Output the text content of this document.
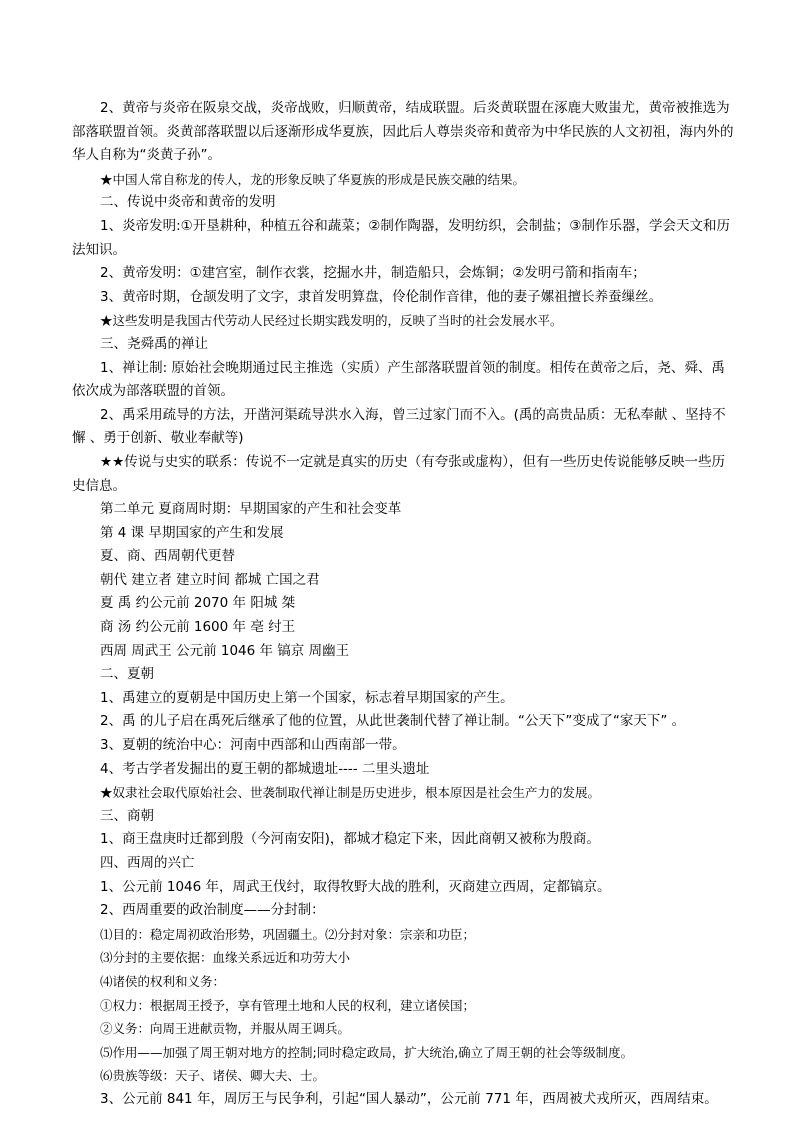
2、黄帝与炎帝在阪泉交战，炎帝战败，归顺黄帝，结成联盟。后炎黄联盟在涿鹿大败蚩尤，黄帝被推选为部落联盟首领。炎黄部落联盟以后逐渐形成华夏族，因此后人尊崇炎帝和黄帝为中华民族的人文初祖，海内外的华人自称为“炎黄子孙”。

★中国人常自称龙的传人，龙的形象反映了华夏族的形成是民族交融的结果。

二、传说中炎帝和黄帝的发明

1、炎帝发明:①开垦耕种，种植五谷和蔬菜；②制作陶器，发明纺织，会制盐；③制作乐器，学会天文和历法知识。

2、黄帝发明：①建宫室，制作衣裳，挖掘水井，制造船只，会炼铜；②发明弓箭和指南车；

3、黄帝时期，仓颉发明了文字，隶首发明算盘，伶伦制作音律，他的妻子嫘祖擅长养蚕缫丝。

★这些发明是我国古代劳动人民经过长期实践发明的，反映了当时的社会发展水平。

三、尧舜禹的禅让

1、禅让制: 原始社会晚期通过民主推选（实质）产生部落联盟首领的制度。相传在黄帝之后，尧、舜、禹依次成为部落联盟的首领。

2、禹采用疏导的方法，开凿河渠疏导洪水入海，曾三过家门而不入。(禹的高贵品质：无私奉献 、坚持不懈 、勇于创新、敬业奉献等)

★★传说与史实的联系：传说不一定就是真实的历史（有夸张或虚构），但有一些历史传说能够反映一些历史信息。

第二单元 夏商周时期：早期国家的产生和社会变革

第 4 课 早期国家的产生和发展

夏、商、西周朝代更替

朝代 建立者 建立时间 都城 亡国之君

夏 禹 约公元前 2070 年 阳城 桀

商 汤 约公元前 1600 年 亳 纣王

西周 周武王 公元前 1046 年 镐京 周幽王

二、夏朝

1、禹建立的夏朝是中国历史上第一个国家，标志着早期国家的产生。

2、禹 的儿子启在禹死后继承了他的位置，从此世袭制代替了禅让制。“公天下”变成了“家天下” 。

3、夏朝的统治中心：河南中西部和山西南部一带。

4、考古学者发掘出的夏王朝的都城遗址---- 二里头遗址

★奴隶社会取代原始社会、世袭制取代禅让制是历史进步，根本原因是社会生产力的发展。

三、商朝

1、商王盘庚时迁都到殷（今河南安阳)，都城才稳定下来，因此商朝又被称为殷商。

四、西周的兴亡

1、公元前 1046 年，周武王伐纣，取得牧野大战的胜利，灭商建立西周，定都镐京。

2、西周重要的政治制度——分封制：

⑴目的：稳定周初政治形势，巩固疆土。⑵分封对象：宗亲和功臣；

⑶分封的主要依据：血缘关系远近和功劳大小

⑷诸侯的权利和义务：

①权力：根据周王授予，享有管理土地和人民的权利，建立诸侯国；

②义务：向周王进献贡物，并服从周王调兵。

⑸作用——加强了周王朝对地方的控制;同时稳定政局，扩大统治,确立了周王朝的社会等级制度。

⑹贵族等级：天子、诸侯、卿大夫、士。

3、公元前 841 年，周厉王与民争利，引起“国人暴动”，公元前 771 年，西周被犬戎所灭，西周结束。
